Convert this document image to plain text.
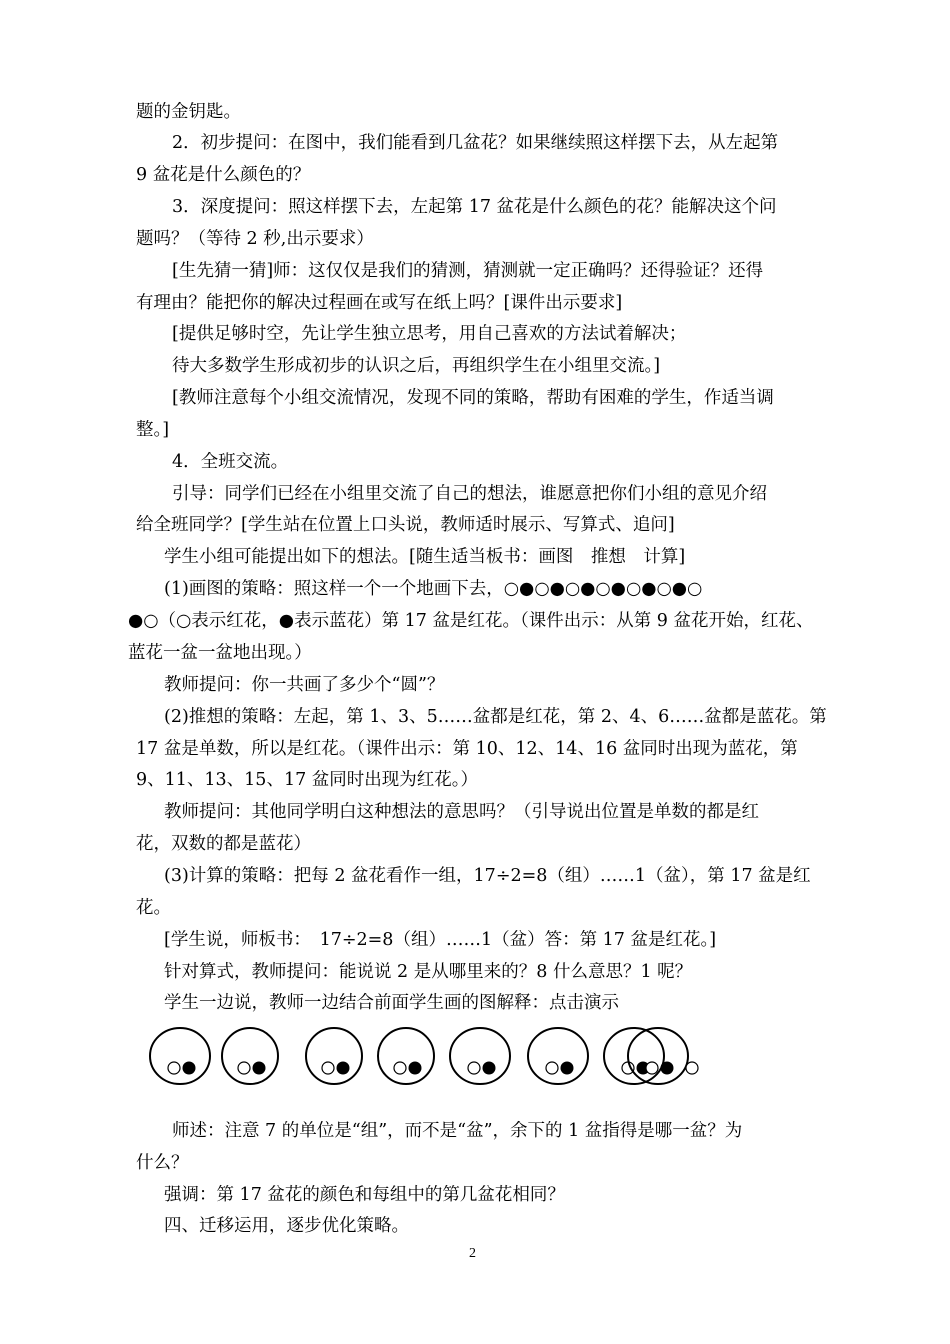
题的金钥匙。
2．初步提问：在图中，我们能看到几盆花？如果继续照这样摆下去，从左起第
9 盆花是什么颜色的？
3．深度提问：照这样摆下去，左起第 17 盆花是什么颜色的花？能解决这个问
题吗？（等待 2 秒,出示要求）
[生先猜一猜]师：这仅仅是我们的猜测，猜测就一定正确吗？还得验证？还得
有理由？能把你的解决过程画在或写在纸上吗？[课件出示要求]
[提供足够时空，先让学生独立思考，用自己喜欢的方法试着解决；
待大多数学生形成初步的认识之后，再组织学生在小组里交流。]
[教师注意每个小组交流情况，发现不同的策略，帮助有困难的学生，作适当调
整。]
4．全班交流。
引导：同学们已经在小组里交流了自己的想法，谁愿意把你们小组的意见介绍
给全班同学？[学生站在位置上口头说，教师适时展示、写算式、追问]
学生小组可能提出如下的想法。[随生适当板书：画图　推想　计算]
(1)画图的策略：照这样一个一个地画下去，○●○●○●○●○●○●○
●○（○表示红花，●表示蓝花）第 17 盆是红花。（课件出示：从第 9 盆花开始，红花、
蓝花一盆一盆地出现。）
教师提问：你一共画了多少个“圆”？
(2)推想的策略：左起，第 1、3、5……盆都是红花，第 2、4、6……盆都是蓝花。第
17 盆是单数，所以是红花。（课件出示：第 10、12、14、16 盆同时出现为蓝花，第
9、11、13、15、17 盆同时出现为红花。）
教师提问：其他同学明白这种想法的意思吗？（引导说出位置是单数的都是红
花，双数的都是蓝花）
(3)计算的策略：把每 2 盆花看作一组，17÷2=8（组）……1（盆），第 17 盆是红
花。
[学生说，师板书：　17÷2=8（组）……1（盆）答：第 17 盆是红花。]
针对算式，教师提问：能说说 2 是从哪里来的？8 什么意思？1 呢？
学生一边说，教师一边结合前面学生画的图解释：点击演示
师述：注意 7 的单位是“组”，而不是“盆”，余下的 1 盆指得是哪一盆？为
什么？
强调：第 17 盆花的颜色和每组中的第几盆花相同？
四、迁移运用，逐步优化策略。
2
